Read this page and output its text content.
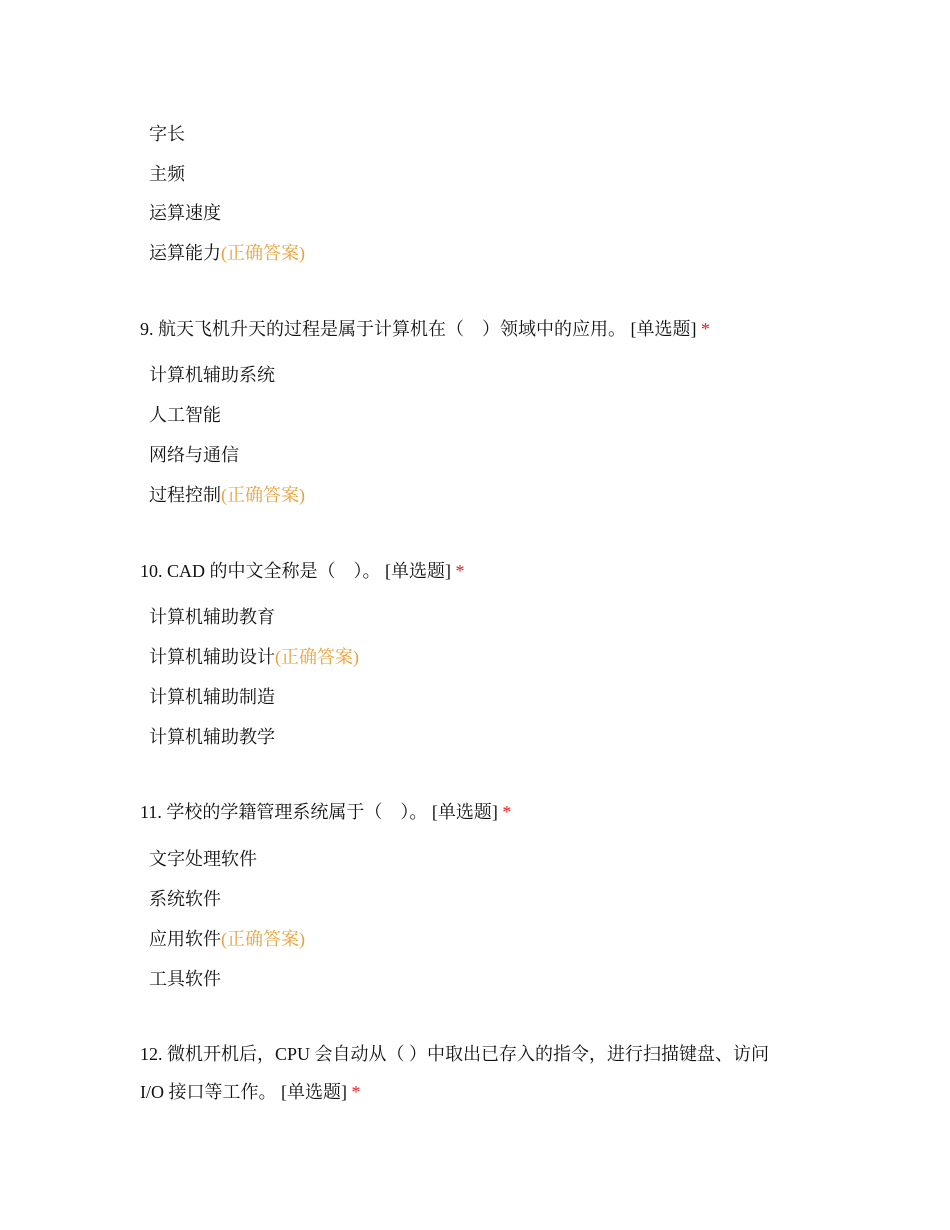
字长
主频
运算速度
运算能力(正确答案)
9. 航天飞机升天的过程是属于计算机在（　）领域中的应用。 [单选题] *
计算机辅助系统
人工智能
网络与通信
过程控制(正确答案)
10. CAD 的中文全称是（　）。 [单选题] *
计算机辅助教育
计算机辅助设计(正确答案)
计算机辅助制造
计算机辅助教学
11. 学校的学籍管理系统属于（　）。 [单选题] *
文字处理软件
系统软件
应用软件(正确答案)
工具软件
12. 微机开机后，CPU 会自动从（ ）中取出已存入的指令，进行扫描键盘、访问
I/O 接口等工作。 [单选题] *
